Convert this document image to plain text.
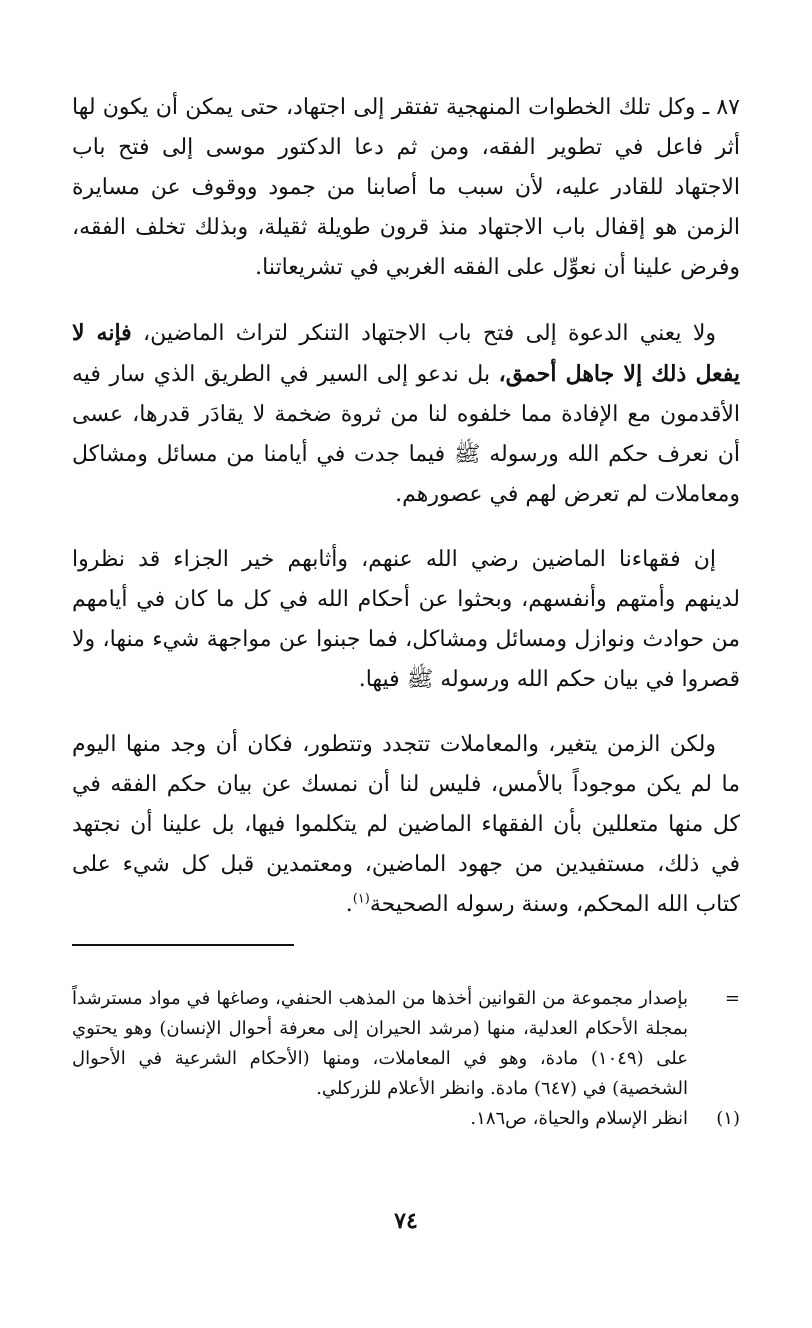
٨٧ ـ وكل تلك الخطوات المنهجية تفتقر إلى اجتهاد، حتى يمكن أن يكون لها أثر فاعل في تطوير الفقه، ومن ثم دعا الدكتور موسى إلى فتح باب الاجتهاد للقادر عليه، لأن سبب ما أصابنا من جمود ووقوف عن مسايرة الزمن هو إقفال باب الاجتهاد منذ قرون طويلة ثقيلة، وبذلك تخلف الفقه، وفرض علينا أن نعوِّل على الفقه الغربي في تشريعاتنا.

ولا يعني الدعوة إلى فتح باب الاجتهاد التنكر لتراث الماضين، فإنه لا يفعل ذلك إلا جاهل أحمق، بل ندعو إلى السير في الطريق الذي سار فيه الأقدمون مع الإفادة مما خلفوه لنا من ثروة ضخمة لا يقادَر قدرها، عسى أن نعرف حكم الله ورسوله ﷺ فيما جدت في أيامنا من مسائل ومشاكل ومعاملات لم تعرض لهم في عصورهم.

إن فقهاءنا الماضين رضي الله عنهم، وأثابهم خير الجزاء قد نظروا لدينهم وأمتهم وأنفسهم، وبحثوا عن أحكام الله في كل ما كان في أيامهم من حوادث ونوازل ومسائل ومشاكل، فما جبنوا عن مواجهة شيء منها، ولا قصروا في بيان حكم الله ورسوله ﷺ فيها.

ولكن الزمن يتغير، والمعاملات تتجدد وتتطور، فكان أن وجد منها اليوم ما لم يكن موجوداً بالأمس، فليس لنا أن نمسك عن بيان حكم الفقه في كل منها متعللين بأن الفقهاء الماضين لم يتكلموا فيها، بل علينا أن نجتهد في ذلك، مستفيدين من جهود الماضين، ومعتمدين قبل كل شيء على كتاب الله المحكم، وسنة رسوله الصحيحة$^{(١)}$.

=
بإصدار مجموعة من القوانين أخذها من المذهب الحنفي، وصاغها في مواد مسترشداً بمجلة الأحكام العدلية، منها (مرشد الحيران إلى معرفة أحوال الإنسان) وهو يحتوي على (١٠٤٩) مادة، وهو في المعاملات، ومنها (الأحكام الشرعية في الأحوال الشخصية) في (٦٤٧) مادة. وانظر الأعلام للزركلي.
(١)
انظر الإسلام والحياة، ص١٨٦.
٧٤
